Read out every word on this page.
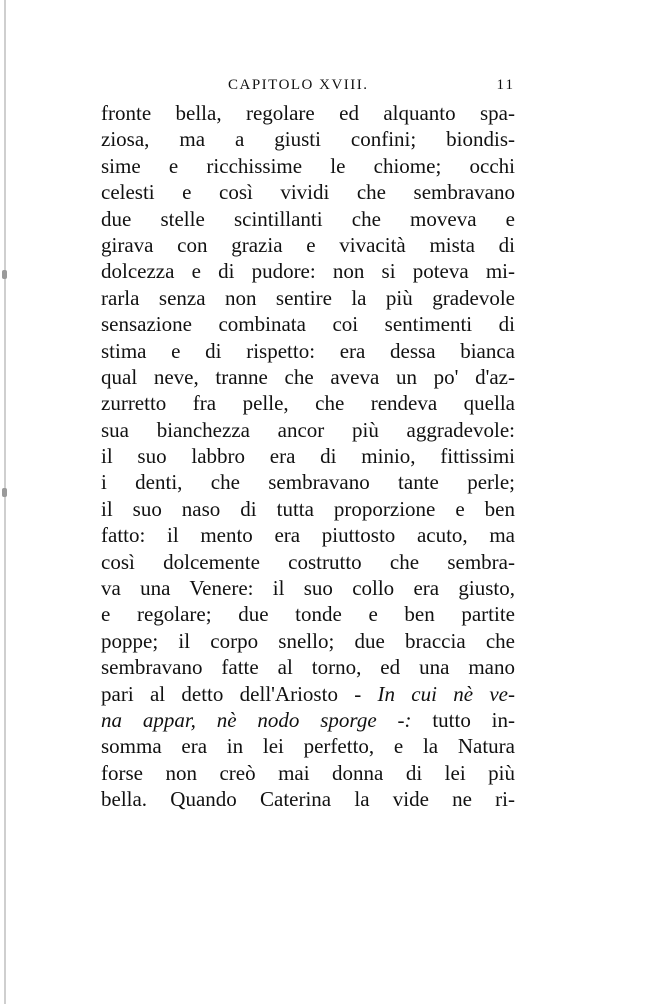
CAPITOLO XVIII.	11
fronte bella, regolare ed alquanto spa-
ziosa, ma a giusti confini; biondis-
sime e ricchissime le chiome; occhi
celesti e così vividi che sembravano
due stelle scintillanti che moveva e
girava con grazia e vivacità mista di
dolcezza e di pudore: non si poteva mi-
rarla senza non sentire la più gradevole
sensazione combinata coi sentimenti di
stima e di rispetto: era dessa bianca
qual neve, tranne che aveva un po' d'az-
zurretto fra pelle, che rendeva quella
sua bianchezza ancor più aggradevole:
il suo labbro era di minio, fittissimi
i denti, che sembravano tante perle;
il suo naso di tutta proporzione e ben
fatto: il mento era piuttosto acuto, ma
così dolcemente costrutto che sembra-
va una Venere: il suo collo era giusto,
e regolare; due tonde e ben partite
poppe; il corpo snello; due braccia che
sembravano fatte al torno, ed una mano
pari al detto dell'Ariosto - In cui nè ve-
na appar, nè nodo sporge -: tutto in-
somma era in lei perfetto, e la Natura
forse non creò mai donna di lei più
bella. Quando Caterina la vide ne ri-
